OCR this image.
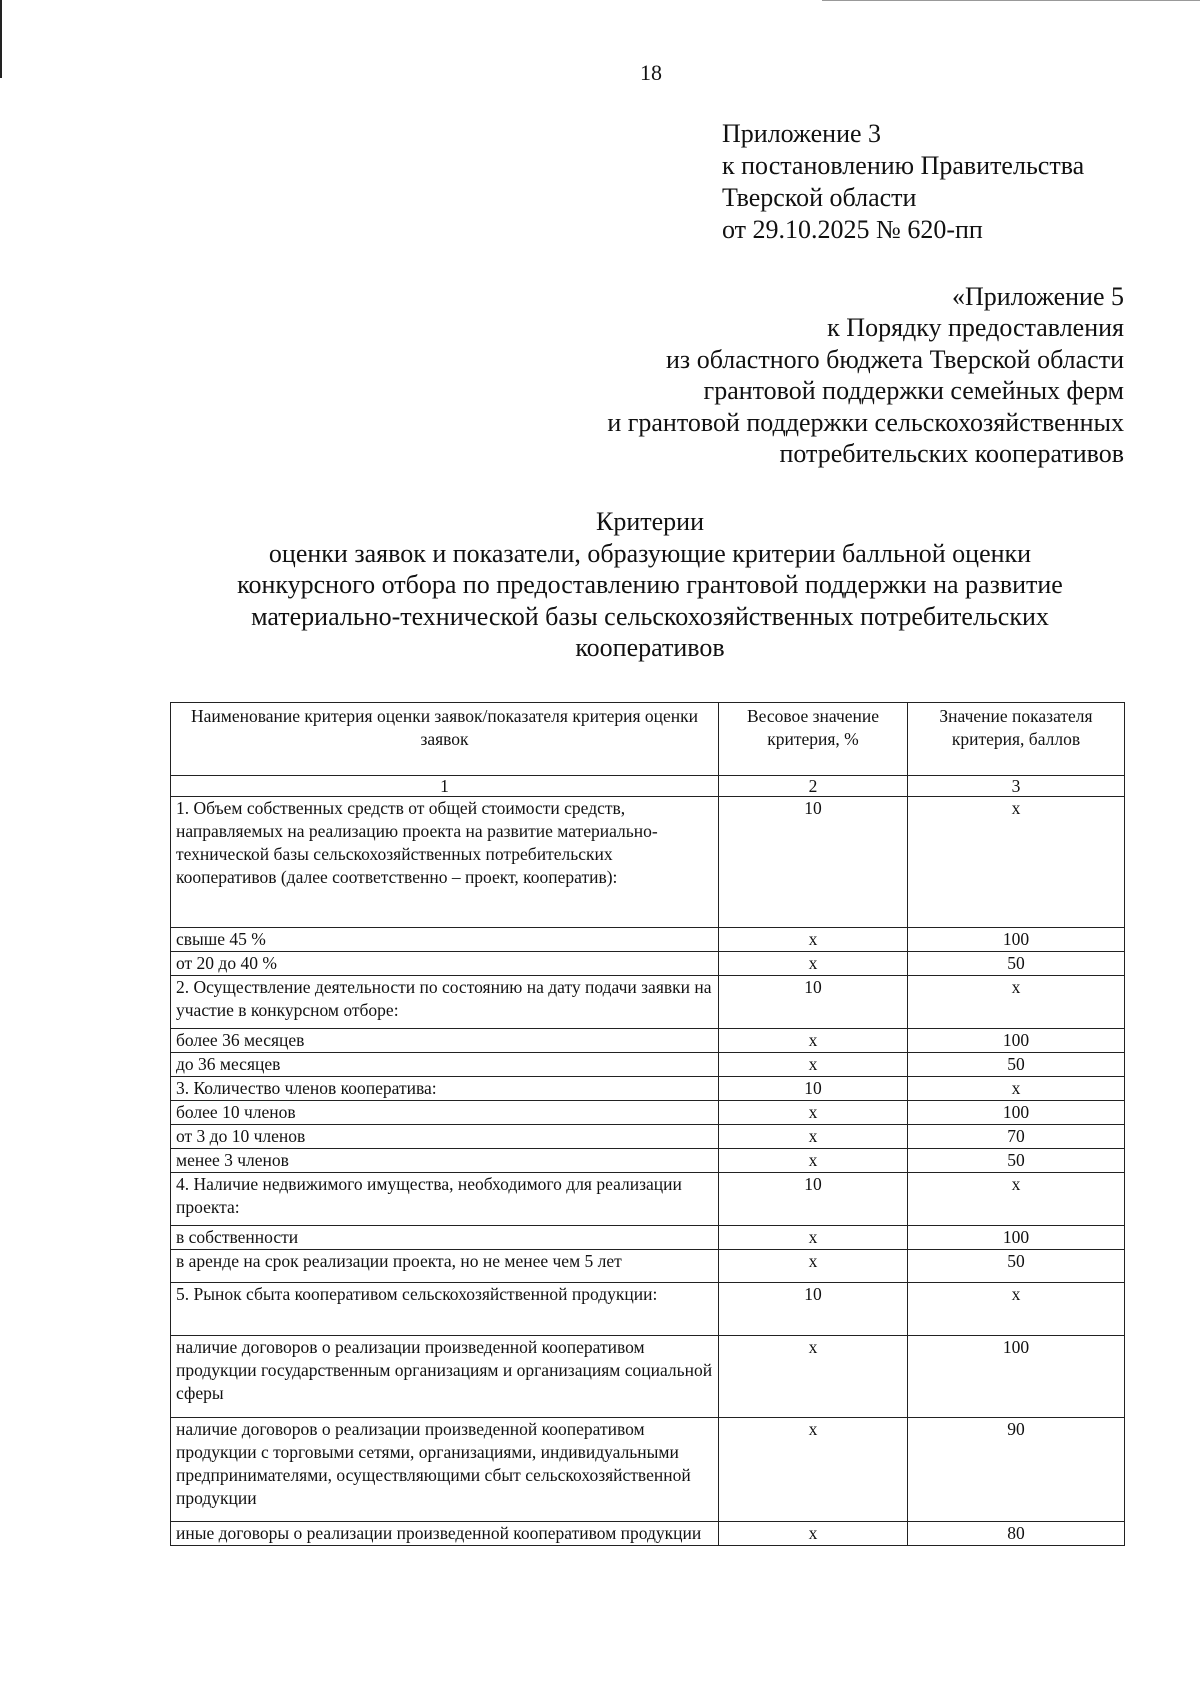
18
Приложение 3
к постановлению Правительства
Тверской области
от 29.10.2025 № 620-пп
«Приложение 5
к Порядку предоставления
из областного бюджета Тверской области
грантовой поддержки семейных ферм
и грантовой поддержки сельскохозяйственных
потребительских кооперативов
Критерии
оценки заявок и показатели, образующие критерии балльной оценки
конкурсного отбора по предоставлению грантовой поддержки на развитие
материально-технической базы сельскохозяйственных потребительских
кооперативов
Наименование критерия оценки заявок/показателя критерия оценки заявок	Весовое значение критерия, %	Значение показателя критерия, баллов
1	2	3
1. Объем собственных средств от общей стоимости средств, направляемых на реализацию проекта на развитие материально-технической базы сельскохозяйственных потребительских кооперативов (далее соответственно – проект, кооператив):	10	х
свыше 45 %	х	100
от 20 до 40 %	х	50
2. Осуществление деятельности по состоянию на дату подачи заявки на участие в конкурсном отборе:	10	х
более 36 месяцев	х	100
до 36 месяцев	х	50
3. Количество членов кооператива:	10	х
более 10 членов	х	100
от 3 до 10 членов	х	70
менее 3 членов	х	50
4. Наличие недвижимого имущества, необходимого для реализации проекта:	10	х
в собственности	х	100
в аренде на срок реализации проекта, но не менее чем 5 лет	х	50
5. Рынок сбыта кооперативом сельскохозяйственной продукции:	10	х
наличие договоров о реализации произведенной кооперативом продукции государственным организациям и организациям социальной сферы	х	100
наличие договоров о реализации произведенной кооперативом продукции с торговыми сетями, организациями, индивидуальными предпринимателями, осуществляющими сбыт сельскохозяйственной продукции	х	90
иные договоры о реализации произведенной кооперативом продукции	х	80
